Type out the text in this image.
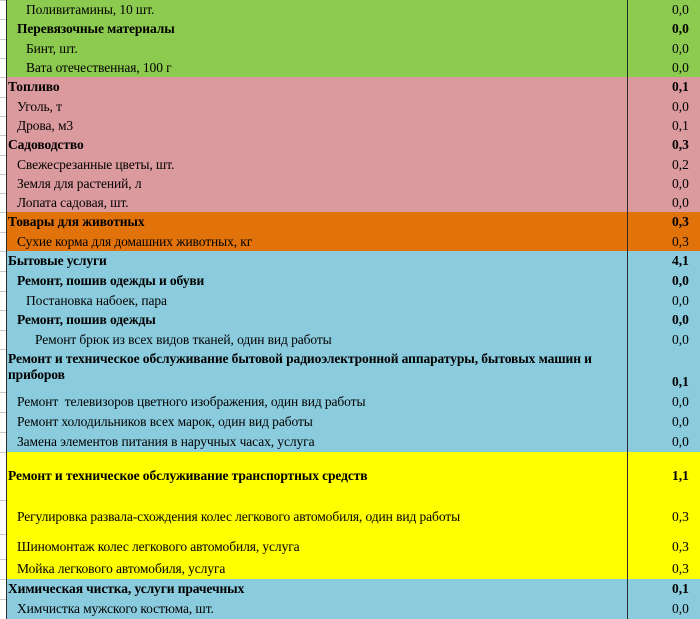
Поливитамины, 10 шт.	0,0
Перевязочные материалы	0,0
Бинт, шт.	0,0
Вата отечественная, 100 г	0,0
Топливо	0,1
Уголь, т	0,0
Дрова, м3	0,1
Садоводство	0,3
Свежесрезанные цветы, шт.	0,2
Земля для растений, л	0,0
Лопата садовая, шт.	0,0
Товары для животных	0,3
Сухие корма для домашних животных, кг	0,3
Бытовые услуги	4,1
Ремонт, пошив одежды и обуви	0,0
Постановка набоек, пара	0,0
Ремонт, пошив одежды	0,0
Ремонт брюк из всех видов тканей, один вид работы	0,0
Ремонт и техническое обслуживание бытовой радиоэлектронной аппаратуры, бытовых машин и приборов	0,1
Ремонт  телевизоров цветного изображения, один вид работы	0,0
Ремонт холодильников всех марок, один вид работы	0,0
Замена элементов питания в наручных часах, услуга	0,0
Ремонт и техническое обслуживание транспортных средств	1,1
Регулировка развала-схождения колес легкового автомобиля, один вид работы	0,3
Шиномонтаж колес легкового автомобиля, услуга	0,3
Мойка легкового автомобиля, услуга	0,3
Химическая чистка, услуги прачечных	0,1
Химчистка мужского костюма, шт.	0,0
